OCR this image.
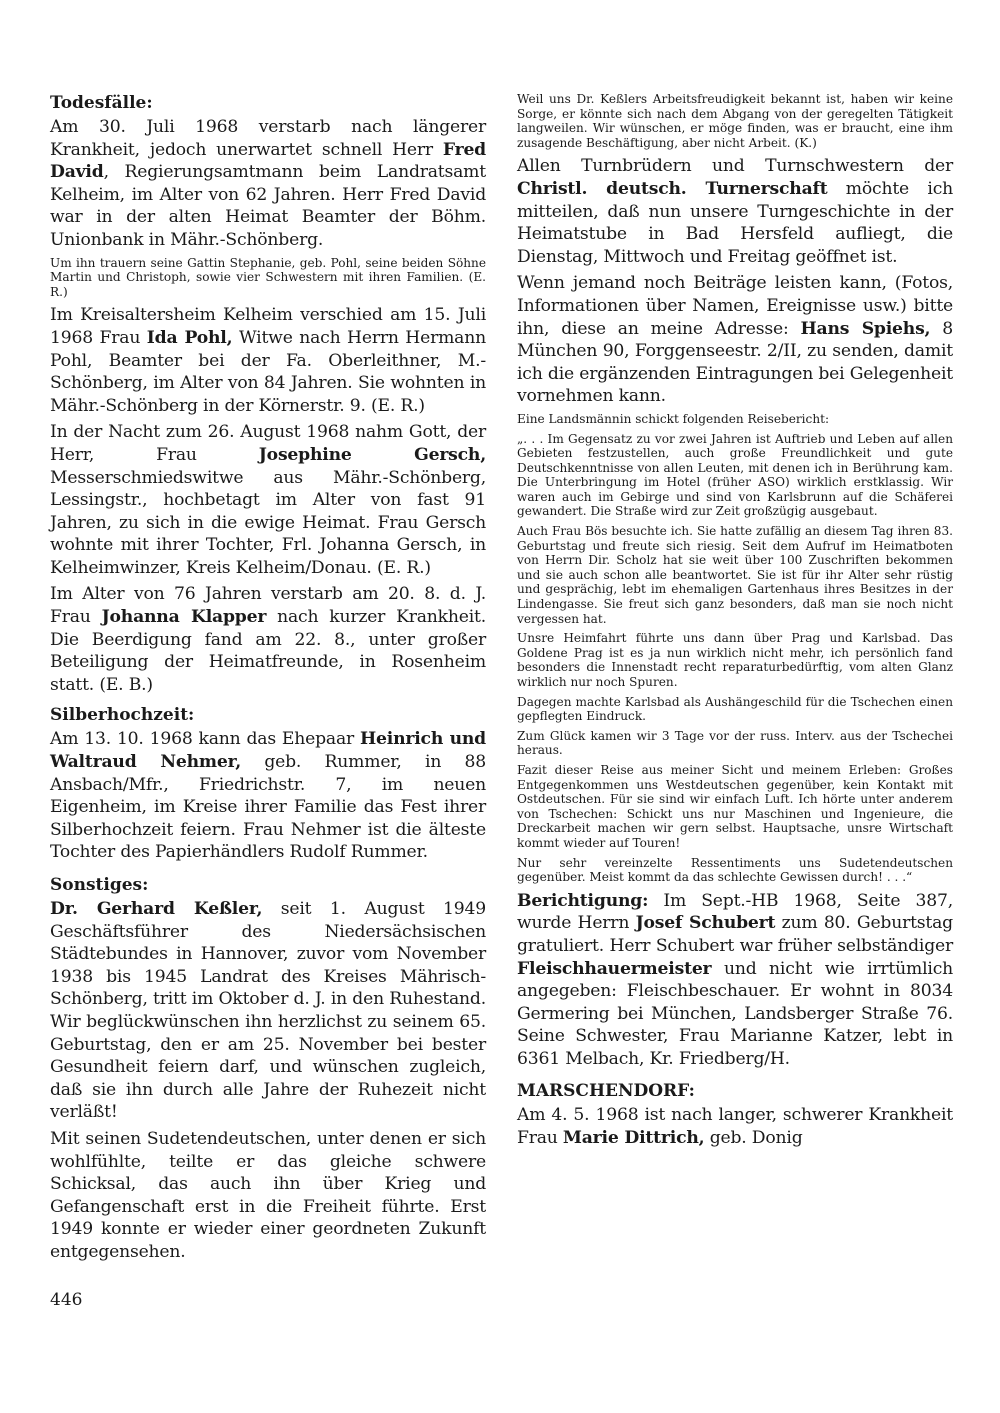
Todesfälle:

Am 30. Juli 1968 verstarb nach längerer Krankheit, jedoch unerwartet schnell Herr Fred David, Regierungsamtmann beim Landratsamt Kelheim, im Alter von 62 Jahren. Herr Fred David war in der alten Heimat Beamter der Böhm. Unionbank in Mähr.-Schönberg.

Um ihn trauern seine Gattin Stephanie, geb. Pohl, seine beiden Söhne Martin und Christoph, sowie vier Schwestern mit ihren Familien. (E. R.)

Im Kreisaltersheim Kelheim verschied am 15. Juli 1968 Frau Ida Pohl, Witwe nach Herrn Hermann Pohl, Beamter bei der Fa. Oberleithner, M.-Schönberg, im Alter von 84 Jahren. Sie wohnten in Mähr.-Schönberg in der Körnerstr. 9. (E. R.)

In der Nacht zum 26. August 1968 nahm Gott, der Herr, Frau Josephine Gersch, Messerschmiedswitwe aus Mähr.-Schönberg, Lessingstr., hochbetagt im Alter von fast 91 Jahren, zu sich in die ewige Heimat. Frau Gersch wohnte mit ihrer Tochter, Frl. Johanna Gersch, in Kelheimwinzer, Kreis Kelheim/Donau. (E. R.)

Im Alter von 76 Jahren verstarb am 20. 8. d. J. Frau Johanna Klapper nach kurzer Krankheit. Die Beerdigung fand am 22. 8., unter großer Beteiligung der Heimatfreunde, in Rosenheim statt. (E. B.)

Silberhochzeit:

Am 13. 10. 1968 kann das Ehepaar Heinrich und Waltraud Nehmer, geb. Rummer, in 88 Ansbach/Mfr., Friedrichstr. 7, im neuen Eigenheim, im Kreise ihrer Familie das Fest ihrer Silberhochzeit feiern. Frau Nehmer ist die älteste Tochter des Papierhändlers Rudolf Rummer.

Sonstiges:

Dr. Gerhard Keßler, seit 1. August 1949 Geschäftsführer des Niedersächsischen Städtebundes in Hannover, zuvor vom November 1938 bis 1945 Landrat des Kreises Mährisch-Schönberg, tritt im Oktober d. J. in den Ruhestand. Wir beglückwünschen ihn herzlichst zu seinem 65. Geburtstag, den er am 25. November bei bester Gesundheit feiern darf, und wünschen zugleich, daß sie ihn durch alle Jahre der Ruhezeit nicht verläßt!

Mit seinen Sudetendeutschen, unter denen er sich wohlfühlte, teilte er das gleiche schwere Schicksal, das auch ihn über Krieg und Gefangenschaft erst in die Freiheit führte. Erst 1949 konnte er wieder einer geordneten Zukunft entgegensehen.

Weil uns Dr. Keßlers Arbeitsfreudigkeit bekannt ist, haben wir keine Sorge, er könnte sich nach dem Abgang von der geregelten Tätigkeit langweilen. Wir wünschen, er möge finden, was er braucht, eine ihm zusagende Beschäftigung, aber nicht Arbeit. (K.)

Allen Turnbrüdern und Turnschwestern der Christl. deutsch. Turnerschaft möchte ich mitteilen, daß nun unsere Turngeschichte in der Heimatstube in Bad Hersfeld aufliegt, die Dienstag, Mittwoch und Freitag geöffnet ist.

Wenn jemand noch Beiträge leisten kann, (Fotos, Informationen über Namen, Ereignisse usw.) bitte ihn, diese an meine Adresse: Hans Spiehs, 8 München 90, Forggenseestr. 2/II, zu senden, damit ich die ergänzenden Eintragungen bei Gelegenheit vornehmen kann.

Eine Landsmännin schickt folgenden Reisebericht:

„. . . Im Gegensatz zu vor zwei Jahren ist Auftrieb und Leben auf allen Gebieten festzustellen, auch große Freundlichkeit und gute Deutschkenntnisse von allen Leuten, mit denen ich in Berührung kam. Die Unterbringung im Hotel (früher ASO) wirklich erstklassig. Wir waren auch im Gebirge und sind von Karlsbrunn auf die Schäferei gewandert. Die Straße wird zur Zeit großzügig ausgebaut.

Auch Frau Bös besuchte ich. Sie hatte zufällig an diesem Tag ihren 83. Geburtstag und freute sich riesig. Seit dem Aufruf im Heimatboten von Herrn Dir. Scholz hat sie weit über 100 Zuschriften bekommen und sie auch schon alle beantwortet. Sie ist für ihr Alter sehr rüstig und gesprächig, lebt im ehemaligen Gartenhaus ihres Besitzes in der Lindengasse. Sie freut sich ganz besonders, daß man sie noch nicht vergessen hat.

Unsre Heimfahrt führte uns dann über Prag und Karlsbad. Das Goldene Prag ist es ja nun wirklich nicht mehr, ich persönlich fand besonders die Innenstadt recht reparaturbedürftig, vom alten Glanz wirklich nur noch Spuren.

Dagegen machte Karlsbad als Aushängeschild für die Tschechen einen gepflegten Eindruck.

Zum Glück kamen wir 3 Tage vor der russ. Interv. aus der Tschechei heraus.

Fazit dieser Reise aus meiner Sicht und meinem Erleben: Großes Entgegenkommen uns Westdeutschen gegenüber, kein Kontakt mit Ostdeutschen. Für sie sind wir einfach Luft. Ich hörte unter anderem von Tschechen: Schickt uns nur Maschinen und Ingenieure, die Dreckarbeit machen wir gern selbst. Hauptsache, unsre Wirtschaft kommt wieder auf Touren!

Nur sehr vereinzelte Ressentiments uns Sudetendeutschen gegenüber. Meist kommt da das schlechte Gewissen durch! . . .“

Berichtigung: Im Sept.-HB 1968, Seite 387, wurde Herrn Josef Schubert zum 80. Geburtstag gratuliert. Herr Schubert war früher selbständiger Fleischhauermeister und nicht wie irrtümlich angegeben: Fleischbeschauer. Er wohnt in 8034 Germering bei München, Landsberger Straße 76. Seine Schwester, Frau Marianne Katzer, lebt in 6361 Melbach, Kr. Friedberg/H.

MARSCHENDORF:

Am 4. 5. 1968 ist nach langer, schwerer Krankheit Frau Marie Dittrich, geb. Donig

446
